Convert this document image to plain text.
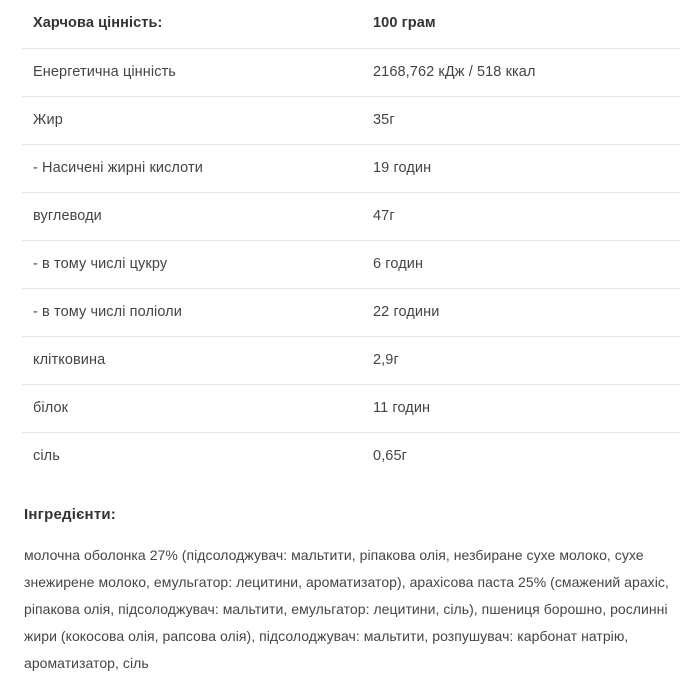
Харчова цінність:	100 грам
Енергетична цінність	2168,762 кДж / 518 ккал
Жир	35г
- Насичені жирні кислоти	19 годин
вуглеводи	47г
- в тому числі цукру	6 годин
- в тому числі поліоли	22 години
клітковина	2,9г
білок	11 годин
сіль	0,65г
Інгредієнти:

молочна оболонка 27% (підсолоджувач: мальтити, ріпакова олія, незбиране сухе молоко, сухе знежирене молоко, емульгатор: лецитини, ароматизатор), арахісова паста 25% (смажений арахіс, ріпакова олія, підсолоджувач: мальтити, емульгатор: лецитини, сіль), пшениця борошно, рослинні жири (кокосова олія, рапсова олія), підсолоджувач: мальтити, розпушувач: карбонат натрію, ароматизатор, сіль
